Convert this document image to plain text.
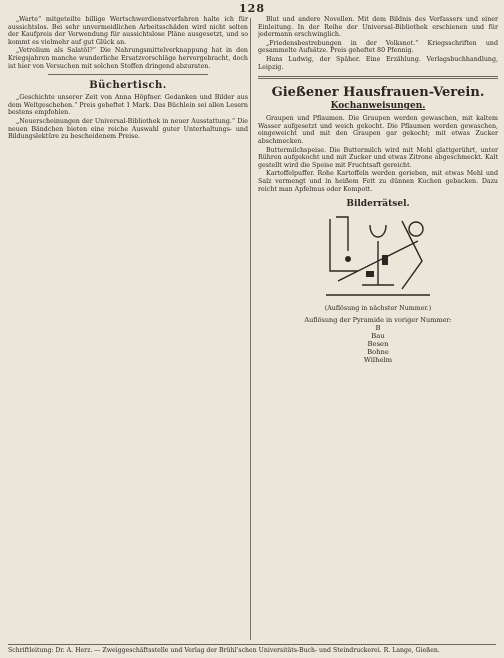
128

„Warte“ mitgeteilte billige Wertschwerdienstverfahren halte ich für aussichtslos. Bei sehr unvermeidlichen Arbeitsschäden wird nicht selten der Kaufpreis der Verwendung für aussichtslose Pläne ausgesetzt, und so kommt es vielmehr auf gut Glück an.

„Vetrolium als Salatöl?“ Die Nahrungsmittelverknappung hat in den Kriegsjahren manche wunderliche Ersatzvorschläge hervorgebracht, doch ist hier von Versuchen mit solchen Stoffen dringend abzuraten.

Büchertisch.

„Geschichte unserer Zeit von Anna Höpfner. Gedanken und Bilder aus dem Weltgeschehen.“ Preis geheftet 1 Mark. Das Büchlein sei allen Lesern bestens empfohlen.

„Neuerscheinungen der Universal-Bibliothek in neuer Ausstattung.“ Die neuen Bändchen bieten eine reiche Auswahl guter Unterhaltungs- und Bildungslektüre zu bescheidenem Preise.

Blut und andere Novellen. Mit dem Bildnis des Verfassers und einer Einleitung. In der Reihe der Universal-Bibliothek erschienen und für jedermann erschwinglich.

„Friedensbestrebungen in der Volksnot.“ Kriegsschriften und gesammelte Aufsätze. Preis geheftet 80 Pfennig.

Hans Ludwig, der Späher. Eine Erzählung. Verlagsbuchhandlung, Leipzig.

Gießener Hausfrauen-Verein.
Kochanweisungen.

Graupen und Pflaumen. Die Graupen werden gewaschen, mit kaltem Wasser aufgesetzt und weich gekocht. Die Pflaumen werden gewaschen, eingeweicht und mit den Graupen gar gekocht; mit etwas Zucker abschmecken.

Buttermilchspeise. Die Buttermilch wird mit Mehl glattgerührt, unter Rühren aufgekocht und mit Zucker und etwas Zitrone abgeschmeckt. Kalt gestellt wird die Speise mit Fruchtsaft gereicht.

Kartoffelpuffer. Rohe Kartoffeln werden gerieben, mit etwas Mehl und Salz vermengt und in heißem Fett zu dünnen Kuchen gebacken. Dazu reicht man Apfelmus oder Kompott.

Bilderrätsel.
(Auflösung in nächster Nummer.)
Auflösung der Pyramide in voriger Nummer:
B
Bau
Besen
Bohne
Wilhelm
Schriftleitung: Dr. A. Herz. — Zweiggeschäftsstelle und Verlag der Brühl’schen Universitäts-Buch- und Steindruckerei. R. Lange, Gießen.
